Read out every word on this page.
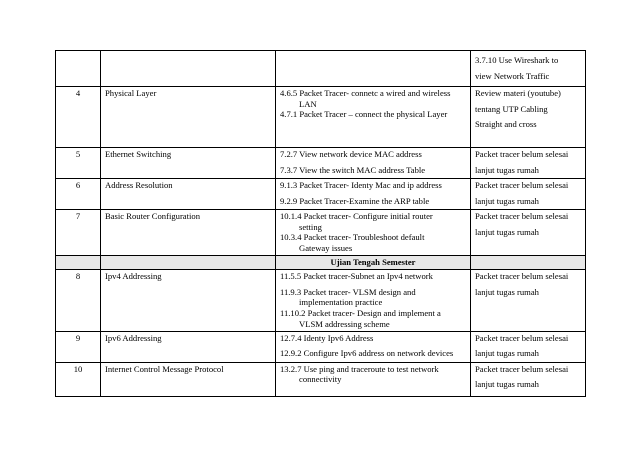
			3.7.10 Use Wireshark to
view Network Traffic

4	Physical Layer	4.6.5 Packet Tracer- connetc a wired and wireless
LAN
4.7.1 Packet Tracer – connect the physical Layer	Review materi (youtube)
tentang UTP Cabling
Straight and cross

5	Ethernet Switching	7.2.7 View network device MAC address
7.3.7 View the switch MAC address Table	Packet tracer belum selesai
lanjut tugas rumah

6	Address Resolution	9.1.3 Packet Tracer- Identy Mac and ip address
9.2.9 Packet Tracer-Examine the ARP table	Packet tracer belum selesai
lanjut tugas rumah

7	Basic Router Configuration	10.1.4 Packet tracer- Configure initial router
setting
10.3.4 Packet tracer- Troubleshoot default
Gateway issues	Packet tracer belum selesai
lanjut tugas rumah

		Ujian Tengah Semester	
8	Ipv4 Addressing	11.5.5 Packet tracer-Subnet an Ipv4 network
11.9.3 Packet tracer- VLSM design and
implementation practice
11.10.2 Packet tracer- Design and implement a
VLSM addressing scheme	Packet tracer belum selesai
lanjut tugas rumah

9	Ipv6 Addressing	12.7.4 Identy Ipv6 Address
12.9.2 Configure Ipv6 address on network devices	Packet tracer belum selesai
lanjut tugas rumah

10	Internet Control Message Protocol	13.2.7 Use ping and traceroute to test network
connectivity	Packet tracer belum selesai
lanjut tugas rumah
